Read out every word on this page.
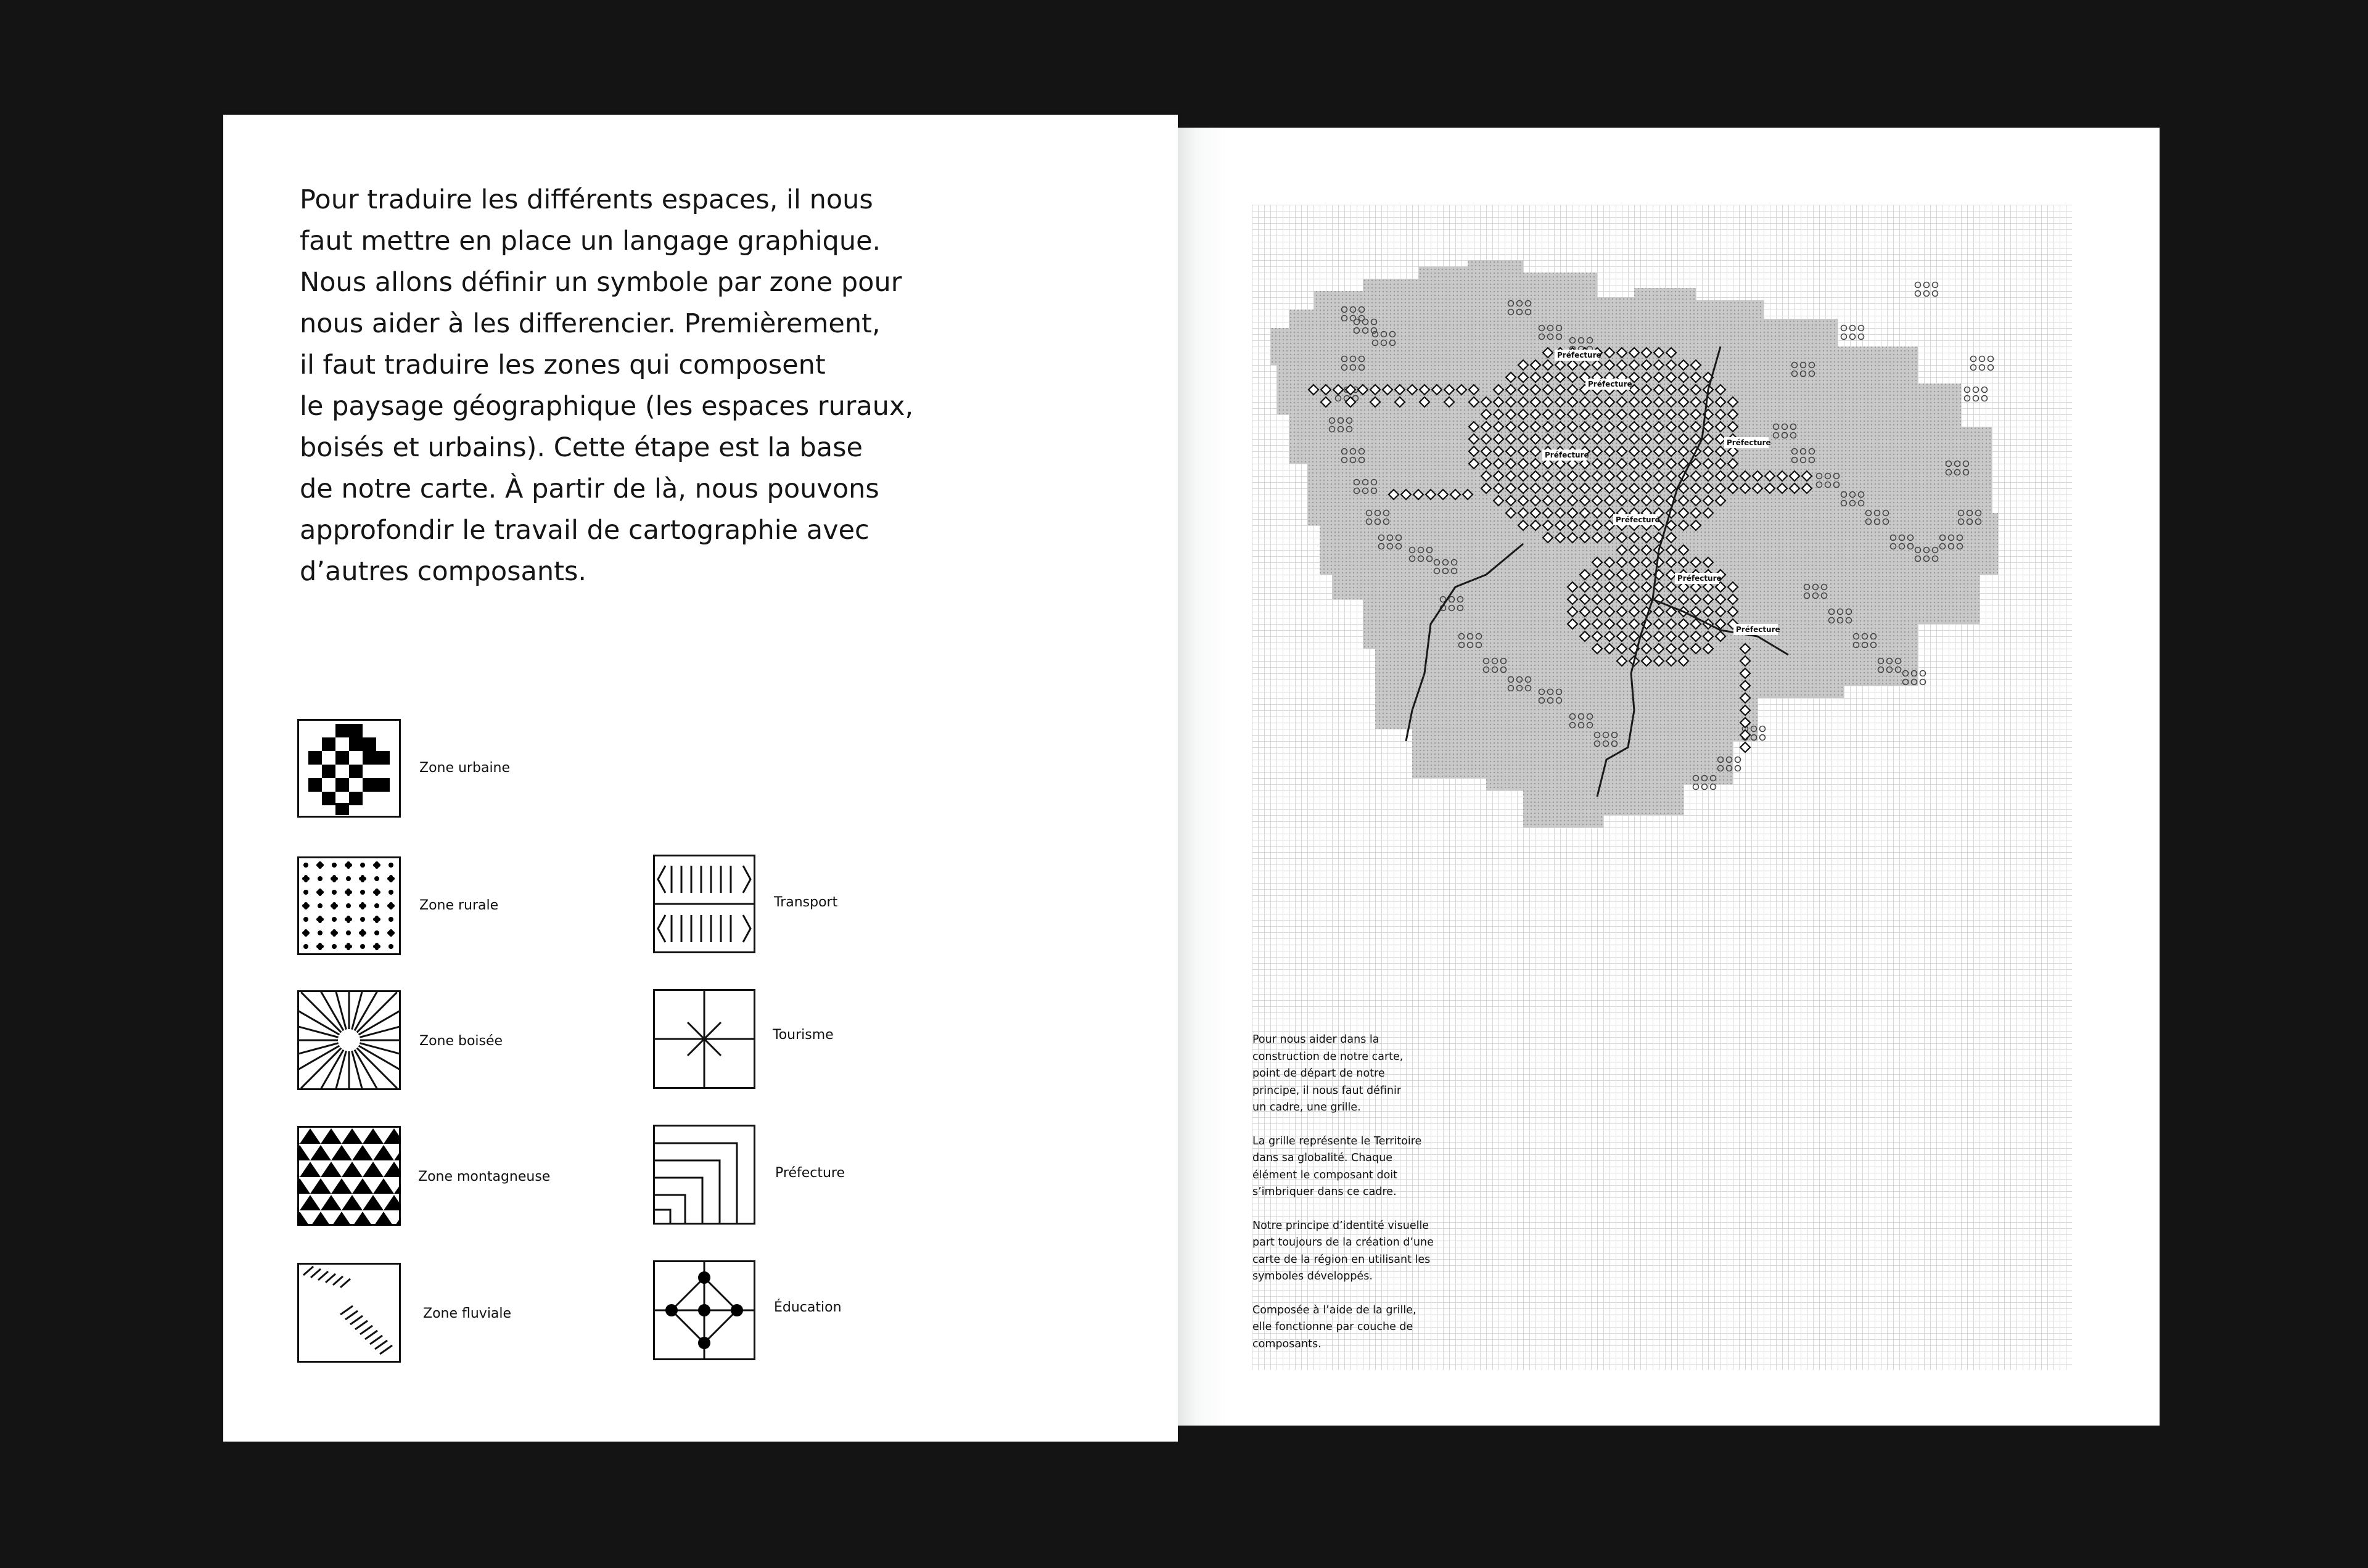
Pour traduire les différents espaces, il nous
faut mettre en place un langage graphique.
Nous allons définir un symbole par zone pour
nous aider à les differencier. Premièrement,
il faut traduire les zones qui composent
le paysage géographique (les espaces ruraux,
boisés et urbains). Cette étape est la base
de notre carte. À partir de là, nous pouvons
approfondir le travail de cartographie avec
d’autres composants.
Zone urbaine
Zone rurale
Zone boisée
Zone montagneuse
Zone fluviale
Transport
Tourisme
Préfecture
Éducation
Préfecture
Préfecture
Préfecture
Préfecture
Préfecture
Préfecture
Préfecture

Pour nous aider dans la
construction de notre carte,
point de départ de notre
principe, il nous faut définir
un cadre, une grille.

La grille représente le Territoire
dans sa globalité. Chaque
élément le composant doit
s’imbriquer dans ce cadre.

Notre principe d’identité visuelle
part toujours de la création d’une
carte de la région en utilisant les
symboles développés.

Composée à l’aide de la grille,
elle fonctionne par couche de
composants.
